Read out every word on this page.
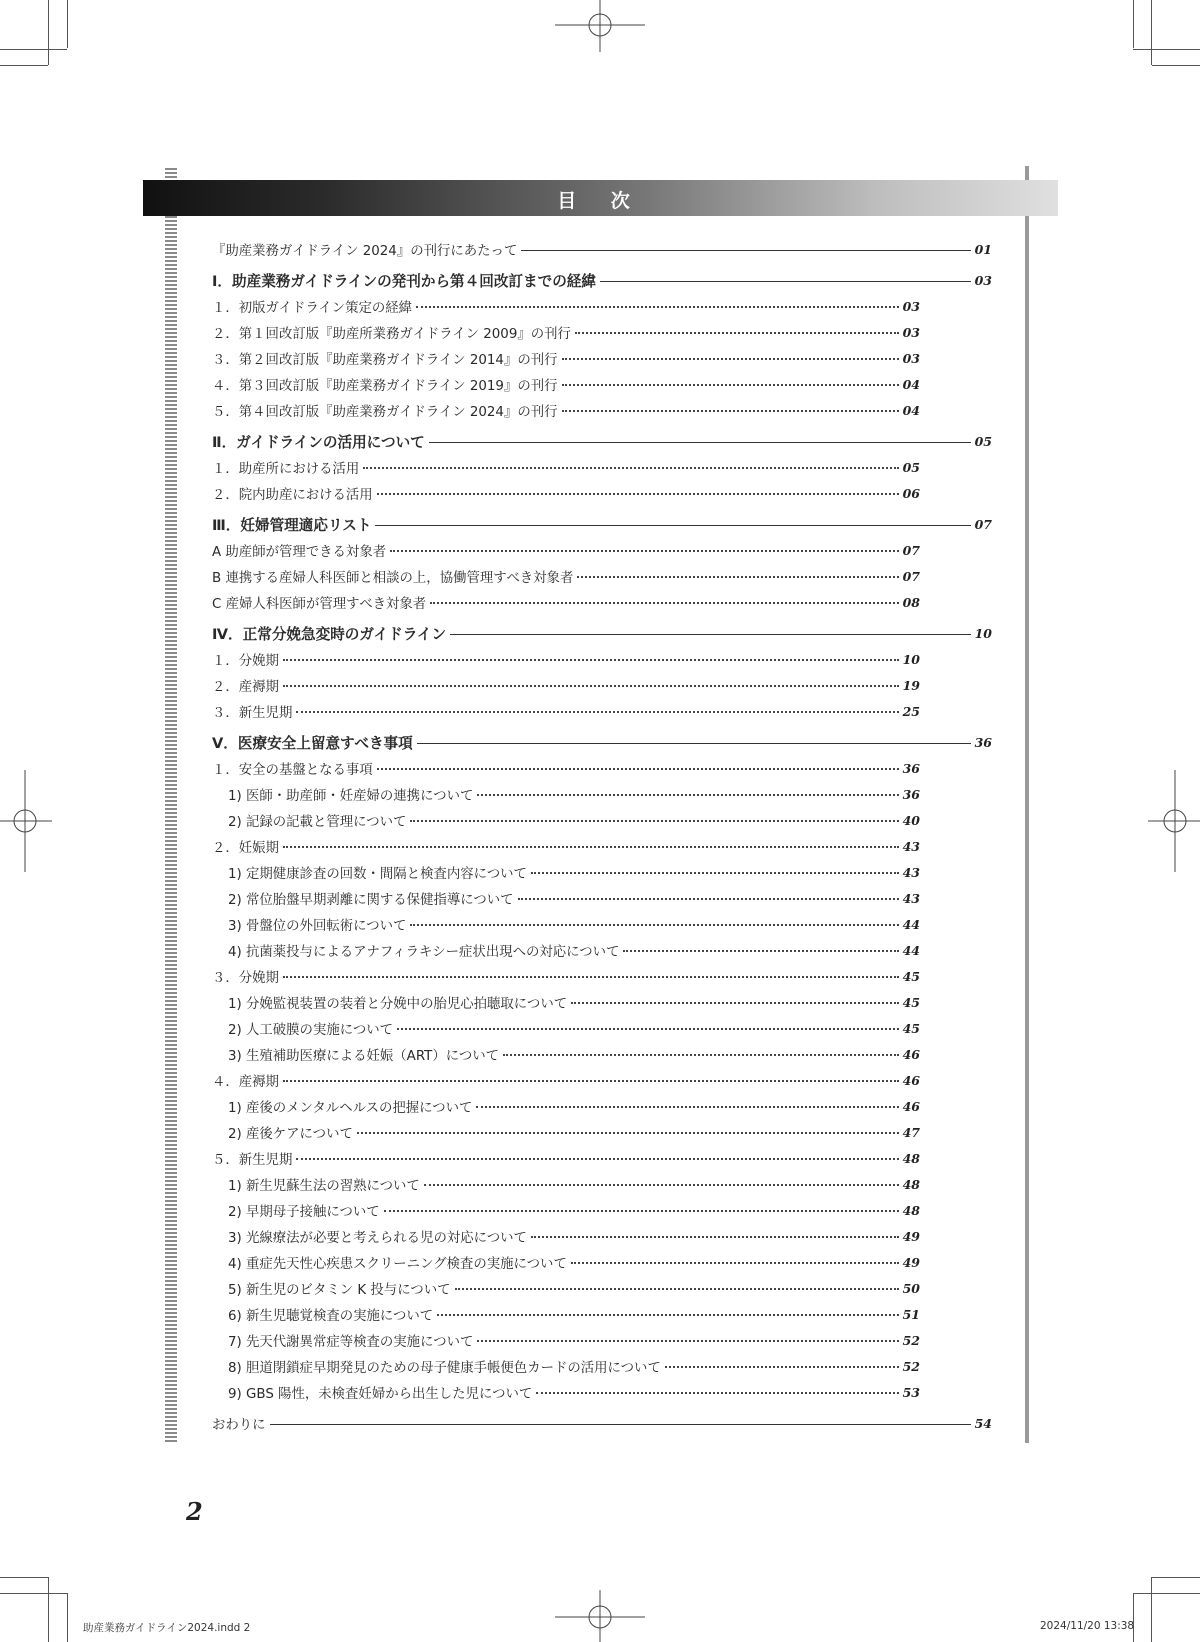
目 次
『助産業務ガイドライン 2024』の刊行にあたって	01
Ⅰ．助産業務ガイドラインの発刊から第４回改訂までの経緯	03
１．初版ガイドライン策定の経緯	03
２．第１回改訂版『助産所業務ガイドライン 2009』の刊行	03
３．第２回改訂版『助産業務ガイドライン 2014』の刊行	03
４．第３回改訂版『助産業務ガイドライン 2019』の刊行	04
５．第４回改訂版『助産業務ガイドライン 2024』の刊行	04
Ⅱ．ガイドラインの活用について	05
１．助産所における活用	05
２．院内助産における活用	06
Ⅲ．妊婦管理適応リスト	07
A 助産師が管理できる対象者	07
B 連携する産婦人科医師と相談の上，協働管理すべき対象者	07
C 産婦人科医師が管理すべき対象者	08
Ⅳ．正常分娩急変時のガイドライン	10
１．分娩期	10
２．産褥期	19
３．新生児期	25
Ⅴ．医療安全上留意すべき事項	36
１．安全の基盤となる事項	36
1) 医師・助産師・妊産婦の連携について	36
2) 記録の記載と管理について	40
２．妊娠期	43
1) 定期健康診査の回数・間隔と検査内容について	43
2) 常位胎盤早期剥離に関する保健指導について	43
3) 骨盤位の外回転術について	44
4) 抗菌薬投与によるアナフィラキシー症状出現への対応について	44
３．分娩期	45
1) 分娩監視装置の装着と分娩中の胎児心拍聴取について	45
2) 人工破膜の実施について	45
3) 生殖補助医療による妊娠（ART）について	46
４．産褥期	46
1) 産後のメンタルヘルスの把握について	46
2) 産後ケアについて	47
５．新生児期	48
1) 新生児蘇生法の習熟について	48
2) 早期母子接触について	48
3) 光線療法が必要と考えられる児の対応について	49
4) 重症先天性心疾患スクリーニング検査の実施について	49
5) 新生児のビタミン K 投与について	50
6) 新生児聴覚検査の実施について	51
7) 先天代謝異常症等検査の実施について	52
8) 胆道閉鎖症早期発見のための母子健康手帳便色カードの活用について	52
9) GBS 陽性，未検査妊婦から出生した児について	53
おわりに	54
2
助産業務ガイドライン2024.indd 2	2024/11/20 13:38
